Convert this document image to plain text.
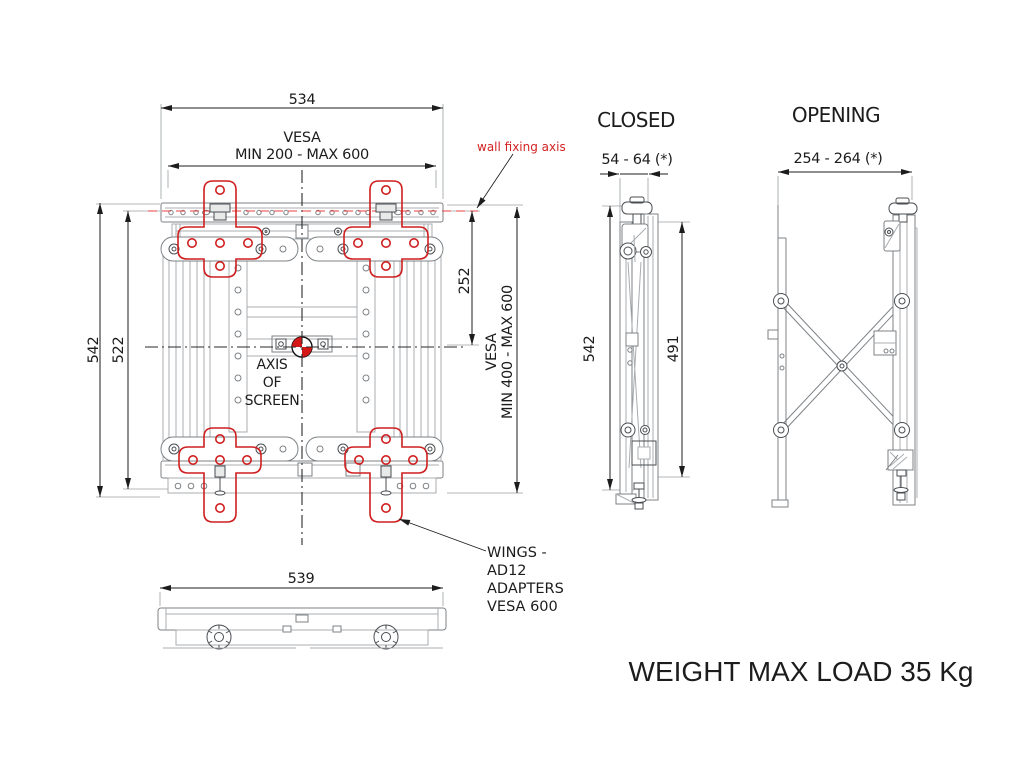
534
VESA
MIN 200 - MAX 600
542 522
252
VESA MIN 400 - MAX 600
AXIS
OF
SCREEN
wall fixing axis
CLOSED
54 - 64 (*)
542	491
OPENING
254 - 264 (*)
539
WINGS -
AD12
ADAPTERS
VESA 600
WEIGHT MAX LOAD 35 Kg
